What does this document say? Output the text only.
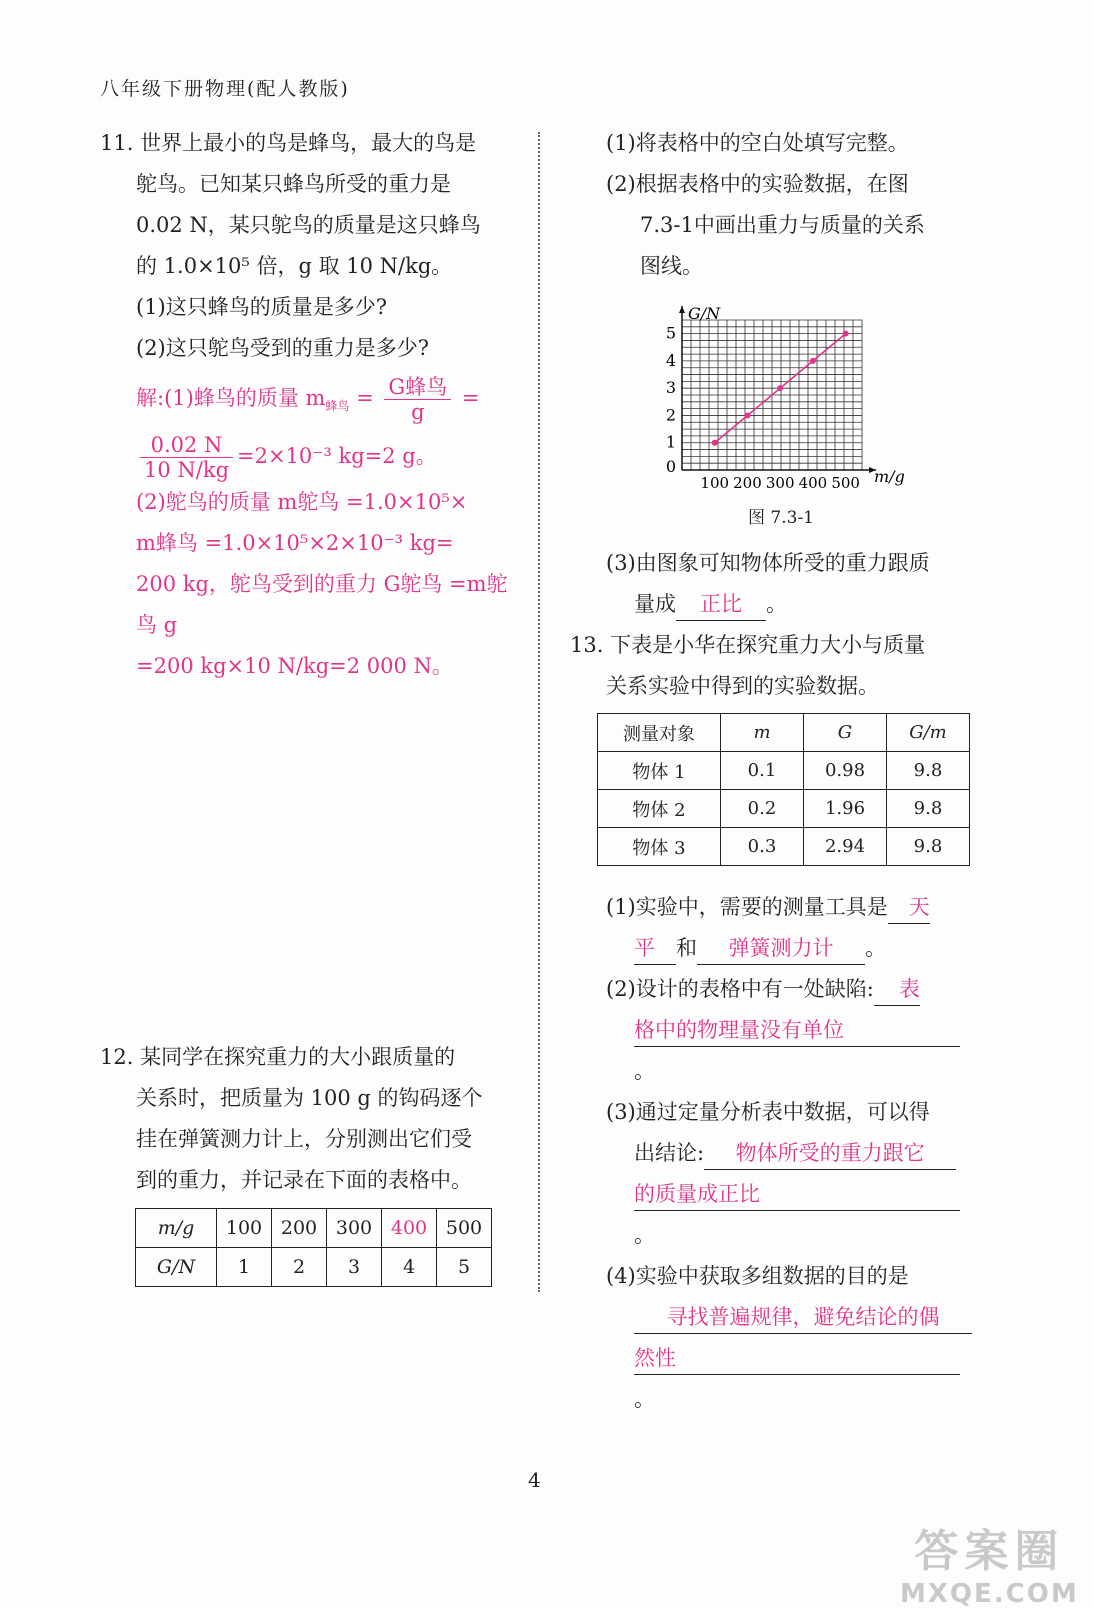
八年级下册物理(配人教版)

11. 世界上最小的鸟是蜂鸟，最大的鸟是

鸵鸟。已知某只蜂鸟所受的重力是

0.02 N，某只鸵鸟的质量是这只蜂鸟

的 1.0×10⁵ 倍，g 取 10 N/kg。

(1)这只蜂鸟的质量是多少?

(2)这只鸵鸟受到的重力是多少?

解:(1)蜂鸟的质量 $m_{蜂鸟} = \frac{\text{G蜂鸟}}{g}$ =

$\frac{0.02 N}{10 N/kg} =2\times 10^{-3}$ kg=2 g。

(2)鸵鸟的质量 m鸵鸟 =1.0×10⁵×

m蜂鸟 =1.0×10⁵×2×10⁻³ kg=

200 kg，鸵鸟受到的重力 G鸵鸟 =m鸵鸟 g

=200 kg×10 N/kg=2 000 N。

12. 某同学在探究重力的大小跟质量的

关系时，把质量为 100 g 的钩码逐个

挂在弹簧测力计上，分别测出它们受

到的重力，并记录在下面的表格中。

m/g	100	200	300	400	500
G/N	1	2	3	4	5

(1)将表格中的空白处填写完整。

(2)根据表格中的实验数据，在图

7.3-1中画出重力与质量的关系

图线。

m/g
G/N
100 200 300 400 500
0
1
2
3
4
5
图 7.3-1

(3)由图象可知物体所受的重力跟质

量成 正比 。

13. 下表是小华在探究重力大小与质量

关系实验中得到的实验数据。

测量对象	m	G	G/m
物体 1	0.1	0.98	9.8
物体 2	0.2	1.96	9.8
物体 3	0.3	2.94	9.8

(1)实验中，需要的测量工具是 天

平 和 弹簧测力计 。

(2)设计的表格中有一处缺陷: 表

格中的物理量没有单位。

(3)通过定量分析表中数据，可以得

出结论: 物体所受的重力跟它

的质量成正比。

(4)实验中获取多组数据的目的是

寻找普遍规律，避免结论的偶

然性。

4
答案圈
MXQE.COM
